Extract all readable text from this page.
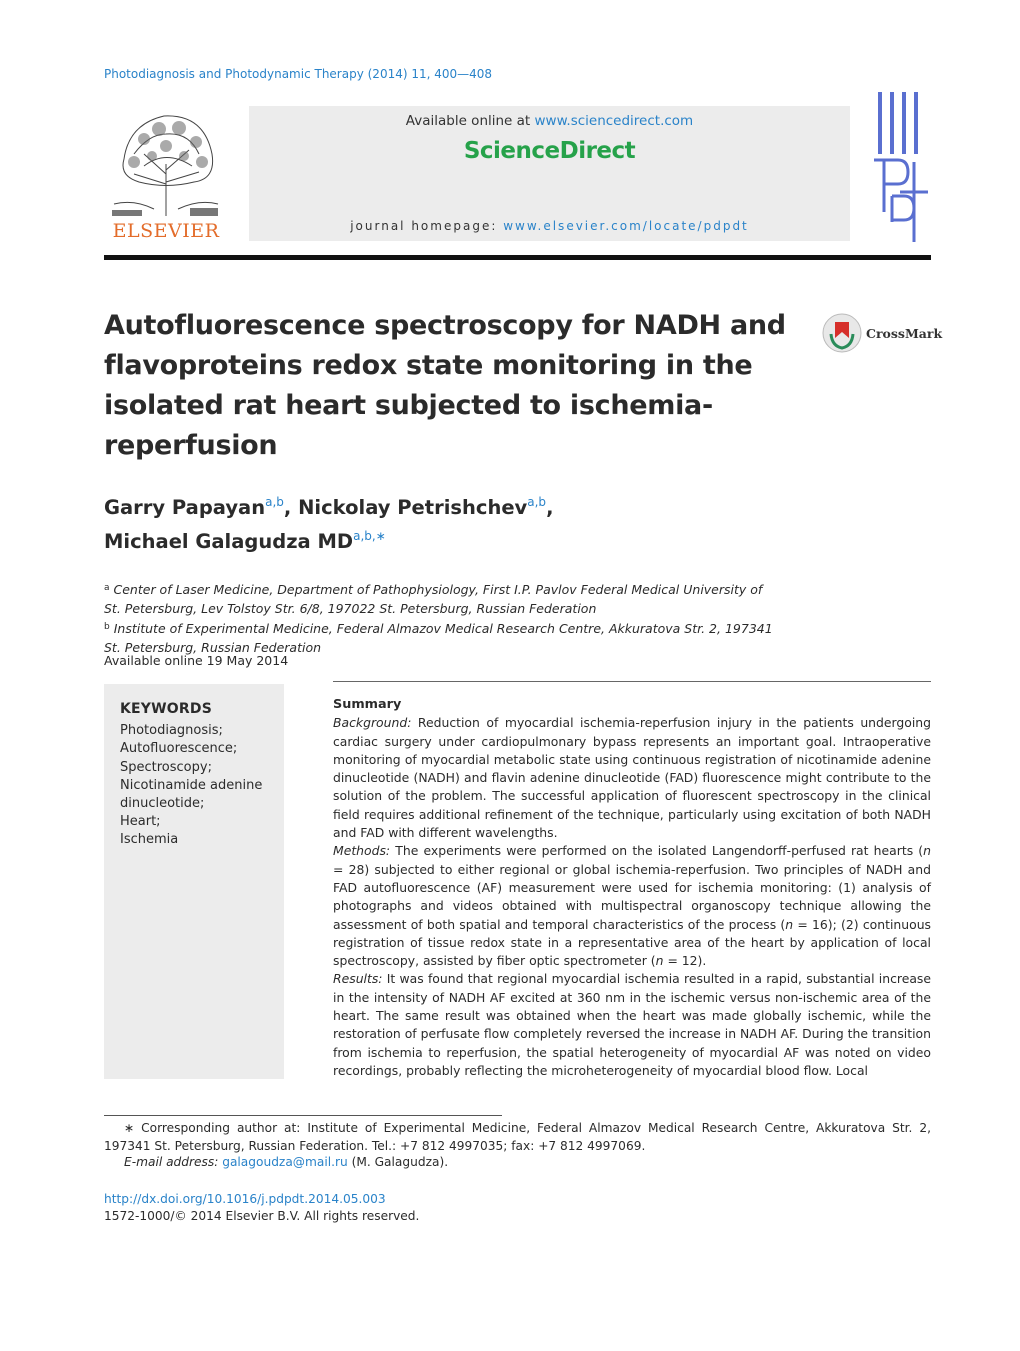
Photodiagnosis and Photodynamic Therapy (2014) 11, 400—408
ELSEVIER
Available online at www.sciencedirect.com
ScienceDirect
journal homepage: www.elsevier.com/locate/pdpdt
Autofluorescence spectroscopy for NADH and flavoproteins redox state monitoring in the isolated rat heart subjected to ischemia-reperfusion
CrossMark
Garry Papayan$^{a,b}$, Nickolay Petrishchev$^{a,b}$,
Michael Galagudza $MD^{a,b,∗}$
$^a$ Center of Laser Medicine, Department of Pathophysiology, First I.P. Pavlov Federal Medical University of
St. Petersburg, Lev Tolstoy Str. 6/8, 197022 St. Petersburg, Russian Federation
$^b$ Institute of Experimental Medicine, Federal Almazov Medical Research Centre, Akkuratova Str. 2, 197341
St. Petersburg, Russian Federation
Available online 19 May 2014
KEYWORDS
Photodiagnosis;
Autofluorescence;
Spectroscopy;
Nicotinamide adenine dinucleotide;
Heart;
Ischemia
Summary
Background: Reduction of myocardial ischemia-reperfusion injury in the patients undergoing cardiac surgery under cardiopulmonary bypass represents an important goal. Intraoperative monitoring of myocardial metabolic state using continuous registration of nicotinamide adenine dinucleotide (NADH) and flavin adenine dinucleotide (FAD) fluorescence might contribute to the solution of the problem. The successful application of fluorescent spectroscopy in the clinical field requires additional refinement of the technique, particularly using excitation of both NADH and FAD with different wavelengths.
Methods: The experiments were performed on the isolated Langendorff-perfused rat hearts (n = 28) subjected to either regional or global ischemia-reperfusion. Two principles of NADH and FAD autofluorescence (AF) measurement were used for ischemia monitoring: (1) analysis of photographs and videos obtained with multispectral organoscopy technique allowing the assessment of both spatial and temporal characteristics of the process (n = 16); (2) continuous registration of tissue redox state in a representative area of the heart by application of local spectroscopy, assisted by fiber optic spectrometer (n = 12).
Results: It was found that regional myocardial ischemia resulted in a rapid, substantial increase in the intensity of NADH AF excited at 360 nm in the ischemic versus non-ischemic area of the heart. The same result was obtained when the heart was made globally ischemic, while the restoration of perfusate flow completely reversed the increase in NADH AF. During the transition from ischemia to reperfusion, the spatial heterogeneity of myocardial AF was noted on video recordings, probably reflecting the microheterogeneity of myocardial blood flow. Local
∗ Corresponding author at: Institute of Experimental Medicine, Federal Almazov Medical Research Centre, Akkuratova Str. 2, 197341 St. Petersburg, Russian Federation. Tel.: +7 812 4997035; fax: +7 812 4997069.
E-mail address: galagoudza@mail.ru (M. Galagudza).
http://dx.doi.org/10.1016/j.pdpdt.2014.05.003
1572-1000/© 2014 Elsevier B.V. All rights reserved.
